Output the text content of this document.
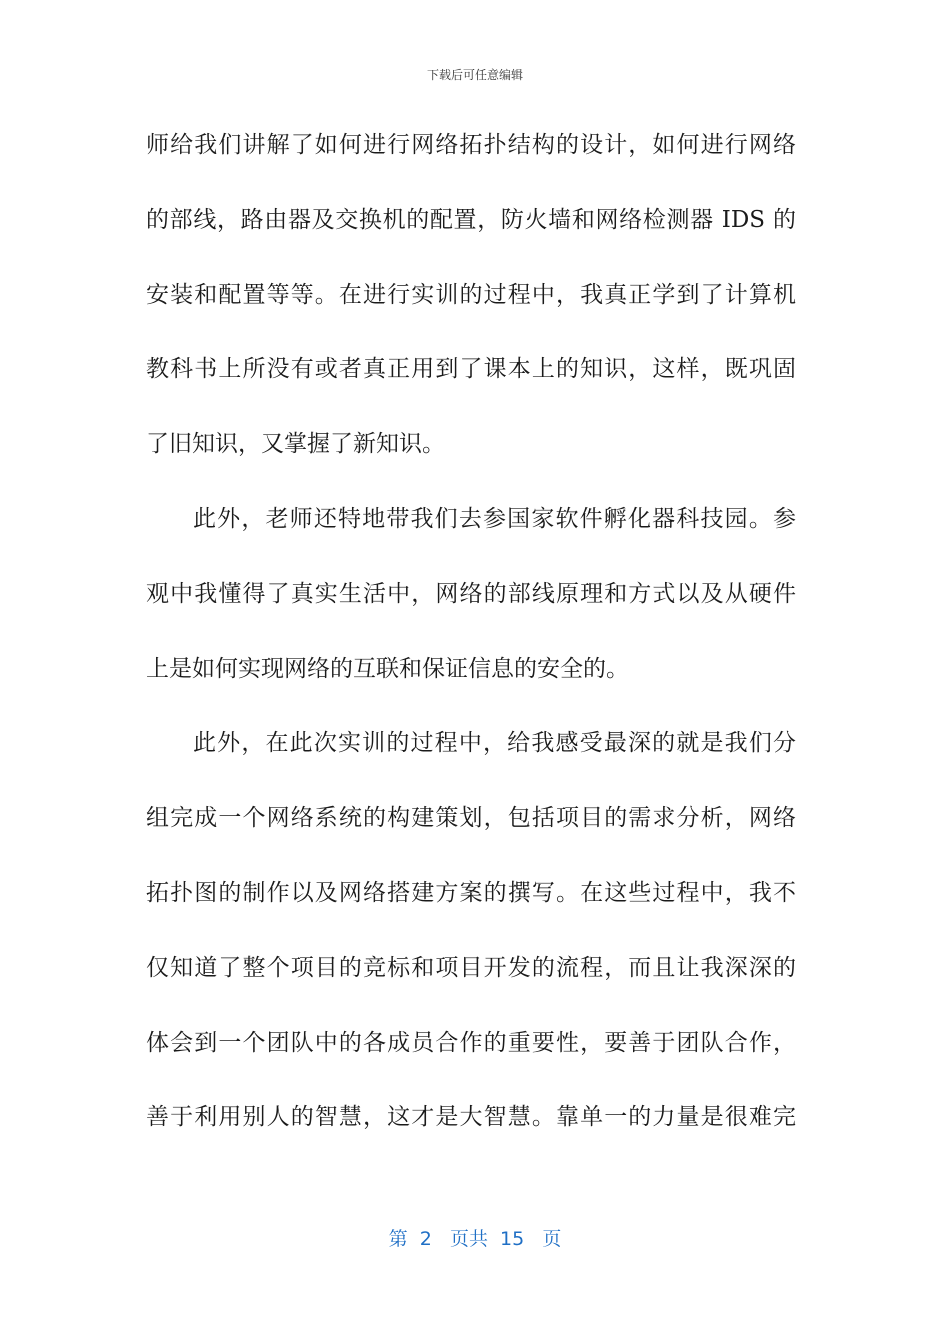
下载后可任意编辑
师给我们讲解了如何进行网络拓扑结构的设计，如何进行网络
的部线，路由器及交换机的配置，防火墙和网络检测器 IDS 的
安装和配置等等。在进行实训的过程中，我真正学到了计算机
教科书上所没有或者真正用到了课本上的知识，这样，既巩固
了旧知识，又掌握了新知识。
此外，老师还特地带我们去参国家软件孵化器科技园。参
观中我懂得了真实生活中，网络的部线原理和方式以及从硬件
上是如何实现网络的互联和保证信息的安全的。
此外，在此次实训的过程中，给我感受最深的就是我们分
组完成一个网络系统的构建策划，包括项目的需求分析，网络
拓扑图的制作以及网络搭建方案的撰写。在这些过程中，我不
仅知道了整个项目的竞标和项目开发的流程，而且让我深深的
体会到一个团队中的各成员合作的重要性，要善于团队合作，
善于利用别人的智慧，这才是大智慧。靠单一的力量是很难完
第 2 页共 15 页
